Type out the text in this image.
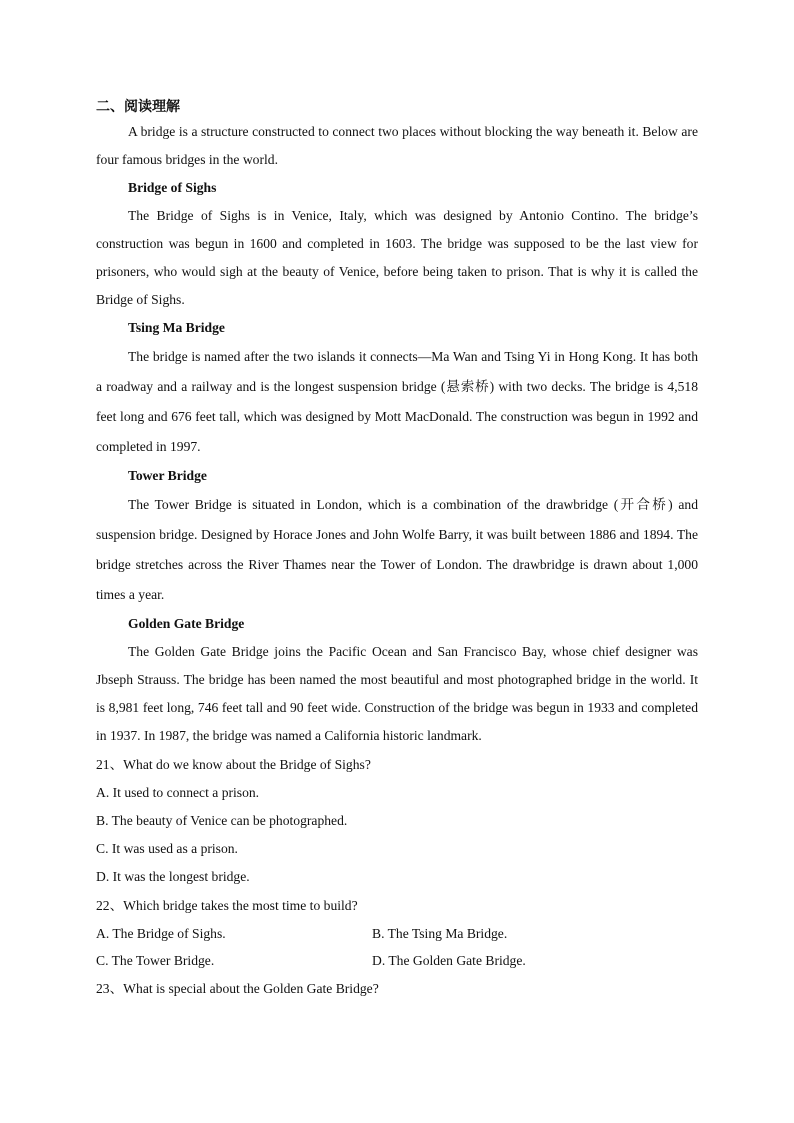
二、阅读理解

A bridge is a structure constructed to connect two places without blocking the way beneath it. Below are four famous bridges in the world.

Bridge of Sighs

The Bridge of Sighs is in Venice, Italy, which was designed by Antonio Contino. The bridge’s construction was begun in 1600 and completed in 1603. The bridge was supposed to be the last view for prisoners, who would sigh at the beauty of Venice, before being taken to prison. That is why it is called the Bridge of Sighs.

Tsing Ma Bridge

The bridge is named after the two islands it connects—Ma Wan and Tsing Yi in Hong Kong. It has both a roadway and a railway and is the longest suspension bridge (悬索桥) with two decks. The bridge is 4,518 feet long and 676 feet tall, which was designed by Mott MacDonald. The construction was begun in 1992 and completed in 1997.

Tower Bridge

The Tower Bridge is situated in London, which is a combination of the drawbridge (开合桥) and suspension bridge. Designed by Horace Jones and John Wolfe Barry, it was built between 1886 and 1894. The bridge stretches across the River Thames near the Tower of London. The drawbridge is drawn about 1,000 times a year.

Golden Gate Bridge

The Golden Gate Bridge joins the Pacific Ocean and San Francisco Bay, whose chief designer was Jbseph Strauss. The bridge has been named the most beautiful and most photographed bridge in the world. It is 8,981 feet long, 746 feet tall and 90 feet wide. Construction of the bridge was begun in 1933 and completed in 1937. In 1987, the bridge was named a California historic landmark.

21、What do we know about the Bridge of Sighs?

A. It used to connect a prison.

B. The beauty of Venice can be photographed.

C. It was used as a prison.

D. It was the longest bridge.

22、Which bridge takes the most time to build?

A. The Bridge of Sighs.	B. The Tsing Ma Bridge.
C. The Tower Bridge.	D. The Golden Gate Bridge.

23、What is special about the Golden Gate Bridge?
